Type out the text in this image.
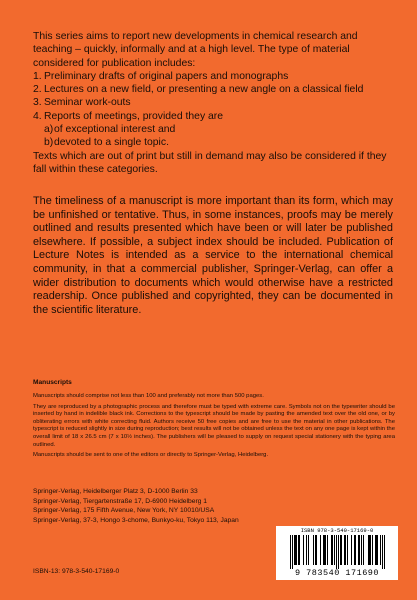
This series aims to report new developments in chemical research and teaching – quickly, informally and at a high level. The type of material considered for publication includes:

1. Preliminary drafts of original papers and monographs
2. Lectures on a new field, or presenting a new angle on a classical field
3. Seminar work-outs
4. Reports of meetings, provided they are
a) of exceptional interest and
b) devoted to a single topic.

Texts which are out of print but still in demand may also be considered if they fall within these categories.

The timeliness of a manuscript is more important than its form, which may be unfinished or tentative. Thus, in some instances, proofs may be merely outlined and results presented which have been or will later be published elsewhere. If possible, a subject index should be included. Publication of Lecture Notes is intended as a service to the international chemical community, in that a commercial publisher, Springer-Verlag, can offer a wider distribution to documents which would otherwise have a restricted readership. Once published and copyrighted, they can be documented in the scientific literature.

Manuscripts

Manuscripts should comprise not less than 100 and preferably not more than 500 pages.

They are reproduced by a photographic process and therefore must be typed with extreme care. Symbols not on the typewriter should be inserted by hand in indelible black ink. Corrections to the typescript should be made by pasting the amended text over the old one, or by obliterating errors with white correcting fluid. Authors receive 50 free copies and are free to use the material in other publications. The typescript is reduced slightly in size during reproduction; best results will not be obtained unless the text on any one page is kept within the overall limit of 18 x 26.5 cm (7 x 10½ inches). The publishers will be pleased to supply on request special stationery with the typing area outlined.

Manuscripts should be sent to one of the editors or directly to Springer-Verlag, Heidelberg.

Springer-Verlag, Heidelberger Platz 3, D-1000 Berlin 33
Springer-Verlag, Tiergartenstraße 17, D-6900 Heidelberg 1
Springer-Verlag, 175 Fifth Avenue, New York, NY 10010/USA
Springer-Verlag, 37-3, Hongo 3-chome, Bunkyo-ku, Tokyo 113, Japan
ISBN-13: 978-3-540-17169-0
ISBN 978-3-540-17169-0
9 783540 171690
